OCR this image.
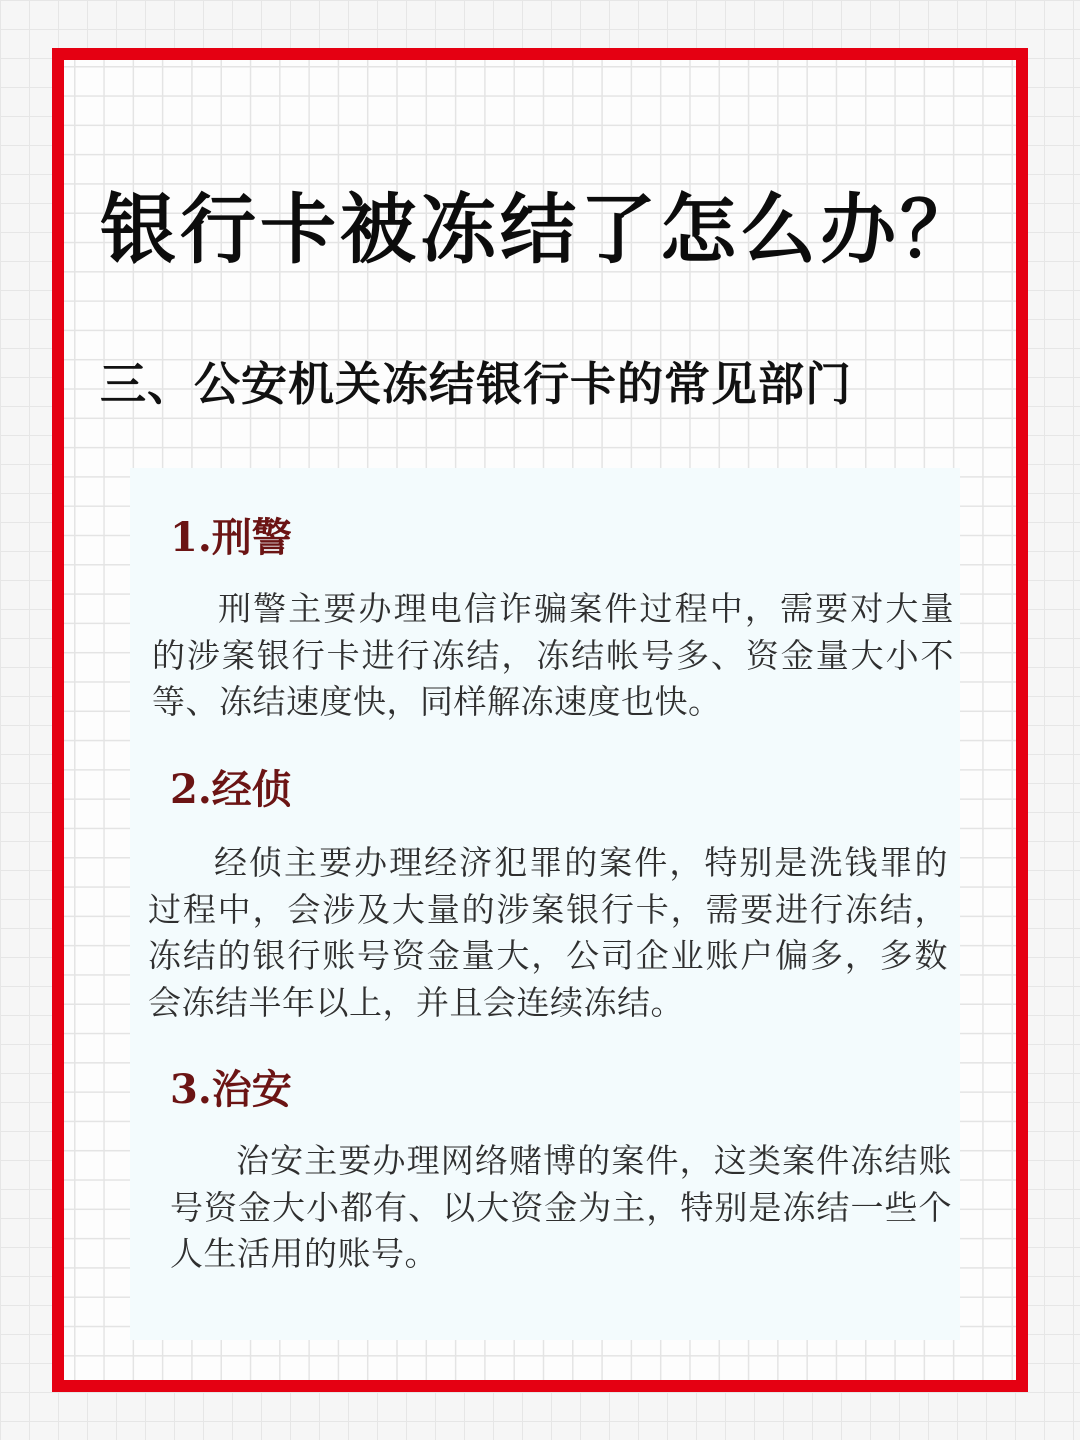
银行卡被冻结了怎么办？
三、公安机关冻结银行卡的常见部门
1.刑警

刑警主要办理电信诈骗案件过程中，需要对大量的涉案银行卡进行冻结，冻结帐号多、资金量大小不等、冻结速度快，同样解冻速度也快。

2.经侦

经侦主要办理经济犯罪的案件，特别是洗钱罪的过程中，会涉及大量的涉案银行卡，需要进行冻结，冻结的银行账号资金量大，公司企业账户偏多，多数会冻结半年以上，并且会连续冻结。

3.治安

治安主要办理网络赌博的案件，这类案件冻结账号资金大小都有、以大资金为主，特别是冻结一些个人生活用的账号。
